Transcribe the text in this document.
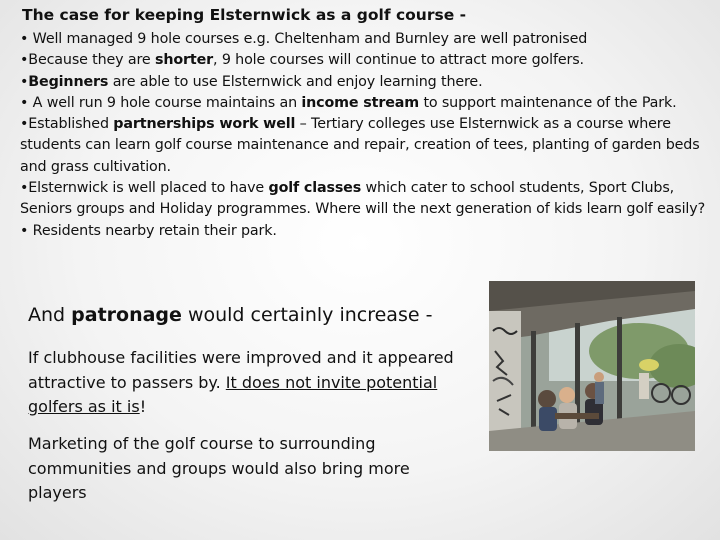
The case for keeping Elsternwick as a golf course -
• Well managed 9 hole courses e.g. Cheltenham and Burnley are well patronised
•Because they are shorter, 9 hole courses will continue to attract more golfers.
•Beginners are able to use Elsternwick and enjoy learning there.
• A well run 9 hole course maintains an income stream to support maintenance of the Park.
•Established partnerships work well – Tertiary colleges use Elsternwick as a course where students can learn golf course maintenance and repair, creation of tees, planting of garden beds and grass cultivation.
•Elsternwick is well placed to have golf classes which cater to school students, Sport Clubs, Seniors groups and Holiday programmes. Where will the next generation of kids learn golf easily?
• Residents nearby retain their park.
And patronage would certainly increase -

If clubhouse facilities were improved and it appeared attractive to passers by. It does not invite potential golfers as it is!

Marketing of the golf course to surrounding communities and groups would also bring more players
